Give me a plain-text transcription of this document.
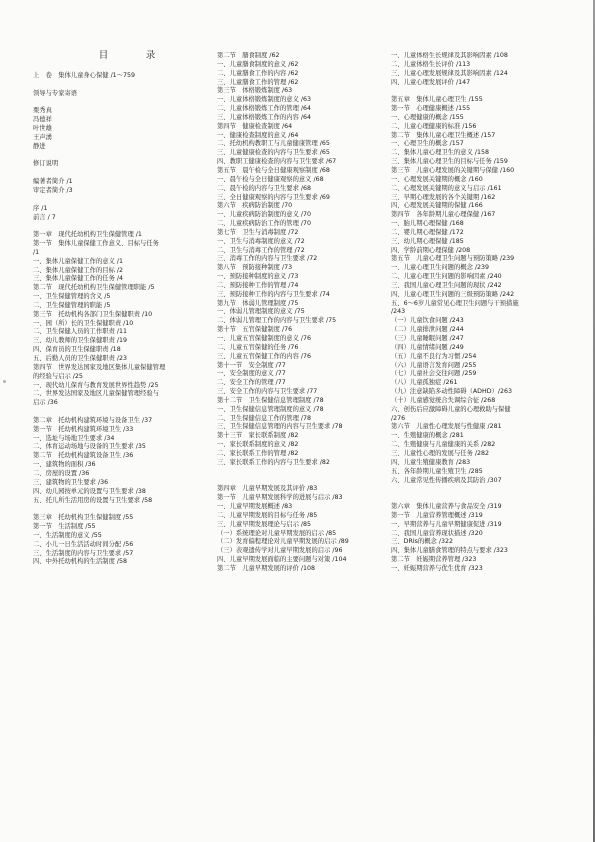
目　录
上　卷　集体儿童身心保健 /1～759
领导与专家寄语
栗秀真
冯德祥
叶世雄
王声湧
静进
修订说明
编著者简介 /1
审定者简介 /3
序 /1
前言 / 7
第一章　现代托幼机构卫生保健管理 /1
第一节　集体儿童保健工作意义、目标与任务
/1
一、集体儿童保健工作的意义 /1
二、集体儿童保健工作的目标 /2
三、集体儿童保健工作的任务 /4
第二节　现代托幼机构卫生保健管理职能 /5
一、卫生保健管理的含义 /5
二、卫生保健管理的职能 /5
第三节　托幼机构各部门卫生保健职责 /10
一、园（所）长的卫生保健职责 /10
二、卫生保健人员的工作职责 /11
三、幼儿教师的卫生保健职责 /19
四、保育员的卫生保健职责 /18
五、后勤人员的卫生保健职责 /23
第四节　世界发达国家及地区集体儿童保健管理
的经验与启示 /25
一、现代幼儿保育与教育发展世界性趋势 /25
二、世界发达国家及地区儿童保健管理经验与
启示 /36
第二章　托幼机构建筑环境与设备卫生 /37
第一节　托幼机构建筑环境卫生 /33
一、选址与场地卫生要求 /34
二、体育运动场地与设备的卫生要求 /35
第二节　托幼机构建筑设备卫生 /36
一、建筑物的面积 /36
二、房屋的设置 /36
三、建筑物的卫生要求 /36
四、幼儿园按单元的设置与卫生要求 /38
五、托儿所生活用房的设置与卫生要求 /58
第三章　托幼机构卫生保健制度 /55
第一节　生活制度 /55
一、生活制度的意义 /55
二、小儿一日生活活动时间分配 /56
三、生活制度的内容与卫生要求 /57
四、中外托幼机构的生活制度 /58
第二节　膳食制度 /62
一、儿童膳食制度的意义 /62
二、儿童膳食工作的内容 /62
三、儿童膳食工作的管理 /62
第三节　体格锻炼制度 /63
一、儿童体格锻炼制度的意义 /63
二、儿童体格锻炼工作的管理 /64
三、儿童体格锻炼工作的内容 /64
第四节　健康检查制度 /64
一、健康检查制度的意义 /64
二、托幼机构教职工与儿童健康管理 /65
三、儿童健康检查的内容与卫生要求 /65
四、教职工健康检查的内容与卫生要求 /67
第五节　晨午检与全日健康观察制度 /68
一、晨午检与全日健康观察的意义 /68
二、晨午检的内容与卫生要求 /68
三、全日健康观察的内容与卫生要求 /69
第六节　疾病防治制度 /70
一、儿童疾病防治制度的意义 /70
二、儿童疾病防治工作的管理 /70
第七节　卫生与消毒制度 /72
一、卫生与消毒制度的意义 /72
二、卫生与消毒工作的管理 /72
三、消毒工作的内容与卫生要求 /72
第八节　预防接种制度 /73
一、预防接种制度的意义 /73
二、预防接种工作的管理 /74
三、预防接种工作的内容与卫生要求 /74
第九节　体弱儿管理制度 /75
一、体弱儿管理制度的意义 /75
二、体弱儿管理工作的内容与卫生要求 /75
第十节　五官保健制度 /76
一、儿童五官保健制度的意义 /76
二、儿童五官保健的任务 /76
三、儿童五官保健工作的内容 /76
第十一节　安全制度 /77
一、安全制度的意义 /77
二、安全工作的管理 /77
三、安全工作的内容与卫生要求 /77
第十二节　卫生保健信息管理制度 /78
一、卫生保健信息管理制度的意义 /78
二、卫生保健信息工作的管理 /78
三、卫生保健信息管理的内容与卫生要求 /78
第十三节　家长联系制度 /82
一、家长联系制度的意义 /82
二、家长联系工作的管理 /82
三、家长联系工作的内容与卫生要求 /82
第四章　儿童早期发展及其评价 /83
第一节　儿童早期发展科学的进展与启示 /83
一、儿童早期发展概述 /83
二、儿童早期发展的目标与任务 /85
三、儿童早期发展理论与启示 /85
（一）系统理论对儿童早期发展的启示 /85
（二）发育偏程理论对儿童早期发展的启示 /89
（三）表观遗传学对儿童早期发展的启示 /96
四、儿童早期发展面临的主要问题与对策 /104
第二节　儿童早期发展的评价 /108
一、儿童体格生长规律及其影响因素 /108
二、儿童体格生长评价 /113
三、儿童心理发展规律及其影响因素 /124
四、儿童心理发展评价 /147
第五章　集体儿童心理卫生 /155
第一节　心理健康概述 /155
一、心理健康的概念 /155
二、儿童心理健康的标准 /156
第二节　集体儿童心理卫生概述 /157
一、心理卫生的概念 /157
二、集体儿童心理卫生的意义 /158
三、集体儿童心理卫生的目标与任务 /159
第三节　儿童心理发展的关键期与保健 /160
一、心理发展关键期的概念 /160
二、心理发展关键期的意义与启示 /161
三、早期心理发展的各个关键期 /162
四、心理发展关键期的保健 /166
第四节　各年龄期儿童心理保健 /167
一、胎儿期心理保健 /168
二、婴儿期心理保健 /172
三、幼儿期心理保健 /185
四、学龄前期心理保健 /208
第五节　儿童心理卫生问题与预防策略 /239
一、儿童心理卫生问题的概念 /239
二、儿童心理卫生问题的影响因素 /240
三、我国儿童心理卫生问题的现状 /242
四、儿童心理卫生问题的三级预防策略 /242
五、6～6岁儿童常见心理卫生问题与干预措施
/243
（一）儿童饮食问题 /243
（二）儿童排泄问题 /244
（三）儿童睡眠问题 /247
（四）儿童情绪问题 /249
（五）儿童不良行为习惯 /254
（六）儿童语言发育问题 /255
（七）儿童社会交往问题 /259
（八）儿童孤独症 /261
（九）注意缺陷多动性障碍（ADHD）/263
（十）儿童感觉统合失调综合征 /268
六、创伤后应激障碍儿童的心理救助与保健
/276
第六节　儿童性心理发展与性健康 /281
一、生殖健康的概念 /281
二、生殖健康与儿童健康的关系 /282
三、儿童性心理的发展与任务 /282
四、儿童生殖健康教育 /283
五、各年龄期儿童生殖卫生 /285
六、儿童常见性传播疾病及其防治 /307
第六章　集体儿童营养与食品安全 /319
第一节　儿童营养管理概述 /319
一、早期营养与儿童早期健康促进 /319
二、我国儿童营养现状描述 /320
三、DRIs的概念 /322
四、集体儿童膳食管理的特点与要求 /323
第二节　妊娠期营养管理 /323
一、妊娠期营养与优生优育 /323
